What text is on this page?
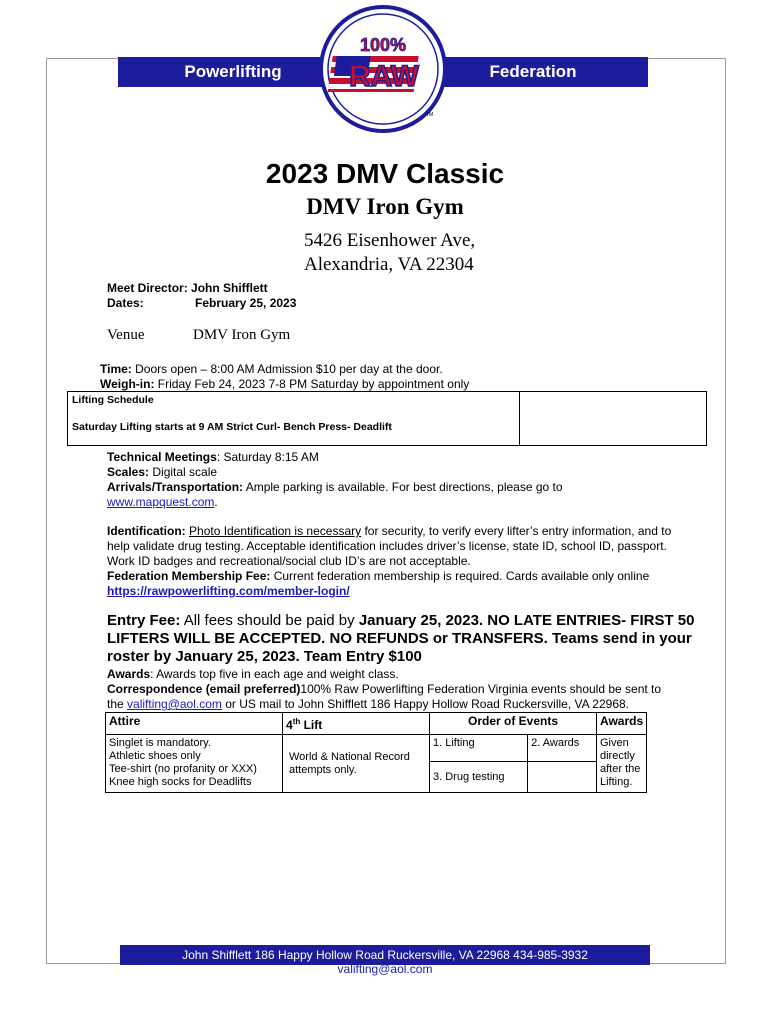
Powerlifting	Federation
100%
RAW
TM
2023 DMV Classic
DMV Iron Gym
5426 Eisenhower Ave,
Alexandria, VA 22304
Meet Director: John Shifflett
Dates:	February 25, 2023
Venue	DMV Iron Gym
Time: Doors open – 8:00 AM Admission $10 per day at the door.
Weigh-in: Friday Feb 24, 2023 7-8 PM Saturday by appointment only
Lifting Schedule
Saturday Lifting starts at 9 AM Strict Curl- Bench Press- Deadlift
Technical Meetings: Saturday 8:15 AM
Scales: Digital scale
Arrivals/Transportation: Ample parking is available. For best directions, please go to
www.mapquest.com.
Identification: Photo Identification is necessary for security, to verify every lifter’s entry information, and to
help validate drug testing. Acceptable identification includes driver’s license, state ID, school ID, passport.
Work ID badges and recreational/social club ID’s are not acceptable.
Federation Membership Fee: Current federation membership is required. Cards available only online
https://rawpowerlifting.com/member-login/
Entry Fee: All fees should be paid by January 25, 2023. NO LATE ENTRIES- FIRST 50
LIFTERS WILL BE ACCEPTED. NO REFUNDS or TRANSFERS. Teams send in your
roster by January 25, 2023. Team Entry $100
Awards: Awards top five in each age and weight class.
Correspondence (email preferred)100% Raw Powerlifting Federation Virginia events should be sent to
the valifting@aol.com or US mail to John Shifflett 186 Happy Hollow Road Ruckersville, VA 22968.
Attire	4th Lift	Order of Events		Awards

Singlet is mandatory.
Athletic shoes only
Tee-shirt (no profanity or XXX)
Knee high socks for Deadlifts	World & National Record attempts only.	1. Lifting	2. Awards	Given directly after the Lifting.
		3. Drug testing		
John Shifflett 186 Happy Hollow Road Ruckersville, VA 22968 434-985-3932
valifting@aol.com
